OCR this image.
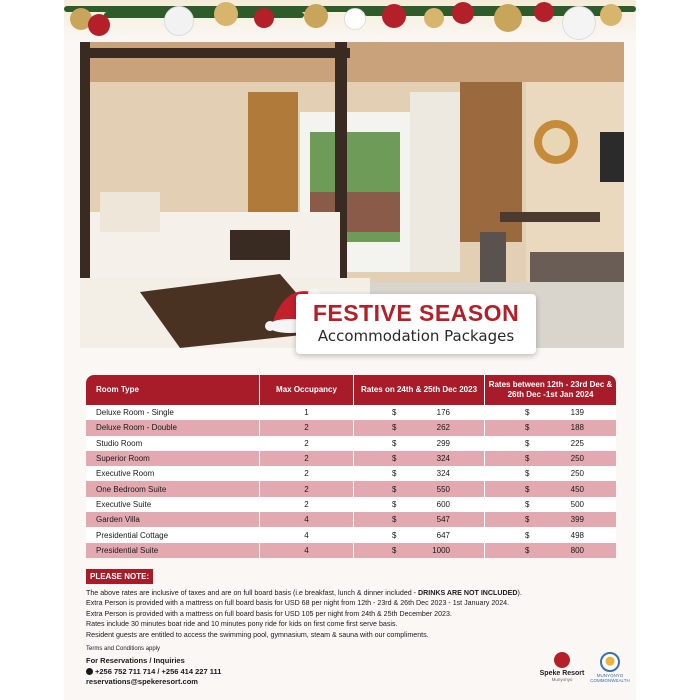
FESTIVE SEASON
Accommodation Packages
Room Type	Max Occupancy	Rates on 24th & 25th Dec 2023	Rates between 12th - 23rd Dec & 26th Dec -1st Jan 2024
Deluxe Room - Single	1	$ 176	$ 139

Deluxe Room - Double	2	$ 262	$ 188

Studio Room	2	$ 299	$ 225

Superior Room	2	$ 324	$ 250

Executive Room	2	$ 324	$ 250

One Bedroom Suite	2	$ 550	$ 450

Executive Suite	2	$ 600	$ 500

Garden Villa	4	$ 547	$ 399

Presidential Cottage	4	$ 647	$ 498

Presidential Suite	4	$ 1000	$ 800
PLEASE NOTE:
The above rates are inclusive of taxes and are on full board basis (i.e breakfast, lunch & dinner included - DRINKS ARE NOT INCLUDED).
Extra Person is provided with a mattress on full board basis for USD 68 per night from 12th - 23rd & 26th Dec 2023 - 1st January 2024.
Extra Person is provided with a mattress on full board basis for USD 105 per night from 24th & 25th December 2023.
Rates include 30 minutes boat ride and 10 minutes pony ride for kids on first come first serve basis.
Resident guests are entitled to access the swimming pool, gymnasium, steam & sauna with our compliments.
Terms and Conditions apply
For Reservations / Inquiries
+256 752 711 714 / +256 414 227 111
reservations@spekeresort.com
Speke Resort
Munyonyo
MUNYONYO COMMONWEALTH
